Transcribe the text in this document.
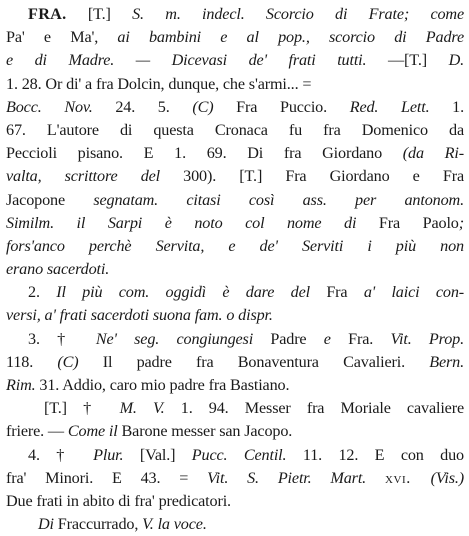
FRA. [T.] S. m. indecl. Scorcio di Frate; come
Pa' e Ma', ai bambini e al pop., scorcio di Padre
e di Madre. — Dicevasi de' frati tutti. —[T.] D.
1. 28. Or di' a fra Dolcin, dunque, che s'armi... =
Bocc. Nov. 24. 5. (C) Fra Puccio. Red. Lett. 1.
67. L'autore di questa Cronaca fu fra Domenico da
Peccioli pisano. E 1. 69. Di fra Giordano (da Ri-
valta, scrittore del 300). [T.] Fra Giordano e Fra
Jacopone segnatam. citasi così ass. per antonom.
Similm. il Sarpi è noto col nome di Fra Paolo;
fors'anco perchè Servita, e de' Serviti i più non
erano sacerdoti.
2. Il più com. oggidì è dare del Fra a' laici con-
versi, a' frati sacerdoti suona fam. o dispr.
3. † Ne' seg. congiungesi Padre e Fra. Vit. Prop.
118. (C) Il padre fra Bonaventura Cavalieri. Bern.
Rim. 31. Addio, caro mio padre fra Bastiano.
[T.] † M. V. 1. 94. Messer fra Moriale cavaliere
friere. — Come il Barone messer san Jacopo.
4. † Plur. [Val.] Pucc. Centil. 11. 12. E con duo
fra' Minori. E 43. = Vit. S. Pietr. Mart. xvi. (Vis.)
Due frati in abito di fra' predicatori.
Di Fraccurrado, V. la voce.
